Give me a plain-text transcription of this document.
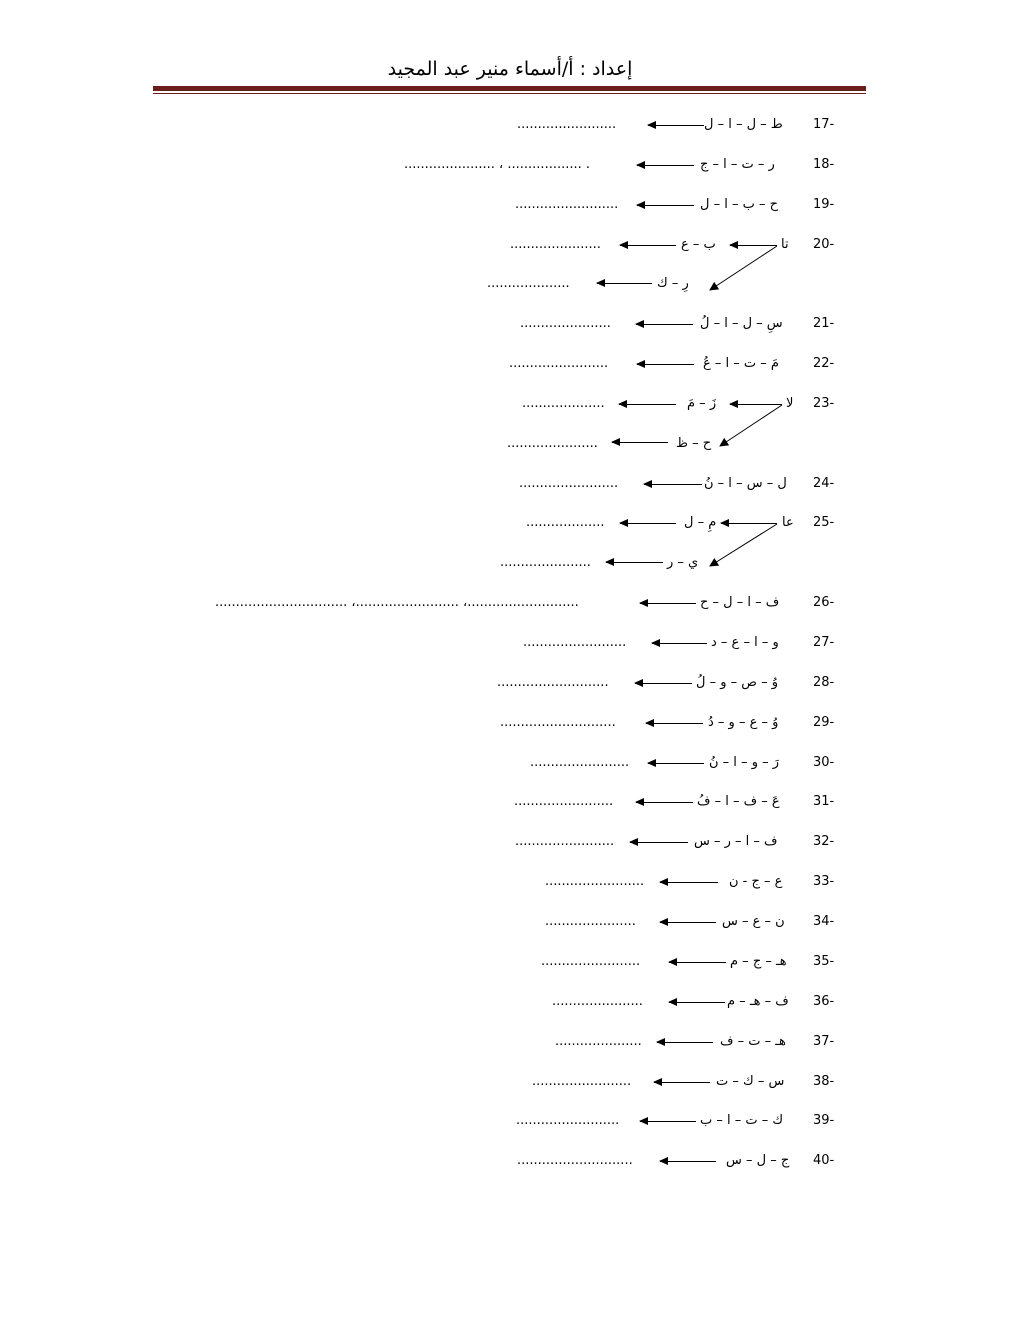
إعداد : أ/أسماء منير عبد المجيد
17-
ط – ل – ا – ل
........................
18-
ر – ت – ا – ج
...................... ، .................. .
19-
ح – ب – ا – ل
.........................
20-
تا
ب – ع
......................
رِ – ك
....................
21-
سِ – ل – ا – لُ
......................
22-
مَ – ت – ا – عُ
........................
23-
لا
زَ – مَ
....................
ح – ظ
......................
24-
ل – س – ا – نُ
........................
25-
عا
مِ – ل
...................
ي – ر
......................
26-
ف – ا – ل – ح
................................ ،......................... ،...........................
27-
و – ا – ع – د
.........................
28-
وُ – ص – و – لُ
...........................
29-
وُ – ع – و – دُ
............................
30-
رَ – و – ا – نُ
........................
31-
عَ – ف – ا – فُ
........................
32-
ف – ا – ر – س
........................
33-
ع – ج - ن
........................
34-
ن – ع – س
......................
35-
هـ – ج – م
........................
36-
ف – هـ – م
......................
37-
هـ – ت – ف
.....................
38-
س – ك – ت
........................
39-
ك – ت – ا – ب
.........................
40-
ج – ل – س
............................
